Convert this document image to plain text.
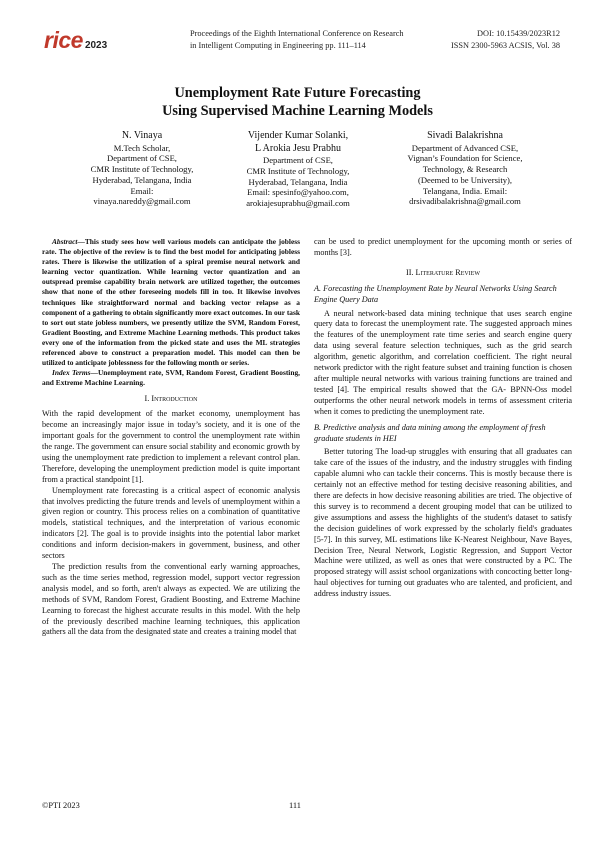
rice 2023
Proceedings of the Eighth International Conference on Research	DOI: 10.15439/2023R12
in Intelligent Computing in Engineering pp. 111–114	ISSN 2300-5963 ACSIS, Vol. 38
Unemployment Rate Future Forecasting
Using Supervised Machine Learning Models
N. Vinaya
M.Tech Scholar,
Department of CSE,
CMR Institute of Technology,
Hyderabad, Telangana, India
Email:
vinaya.nareddy@gmail.com
Vijender Kumar Solanki,
L Arokia Jesu Prabhu
Department of CSE,
CMR Institute of Technology,
Hyderabad, Telangana, India
Email: spesinfo@yahoo.com,
arokiajesuprabhu@gmail.com
Sivadi Balakrishna
Department of Advanced CSE,
Vignan’s Foundation for Science,
Technology, & Research
(Deemed to be University),
Telangana, India. Email:
drsivadibalakrishna@gmail.com

Abstract—This study sees how well various models can anticipate the jobless rate. The objective of the review is to find the best model for anticipating jobless rates. There is likewise the utilization of a spiral premise neural network and learning vector quantization. While learning vector quantization and an outspread premise capability brain network are utilized together, the outcomes show that none of the other foreseeing models fill in too. It likewise involves techniques like straightforward normal and backing vector relapse as a component of a gathering to obtain significantly more exact outcomes. In our task to sort out state jobless numbers, we presently utilize the SVM, Random Forest, Gradient Boosting, and Extreme Machine Learning methods. This product takes every one of the information from the picked state and uses the ML strategies referenced above to construct a preparation model. This model can then be utilized to anticipate joblessness for the following month or series.

Index Terms—Unemployment rate, SVM, Random Forest, Gradient Boosting, and Extreme Machine Learning.

I. Introduction

With the rapid development of the market economy, unemployment has become an increasingly major issue in today’s society, and it is one of the important goals for the government to control the unemployment rate within the range. The government can ensure social stability and economic growth by using the unemployment rate prediction to implement a relevant control plan. Therefore, developing the unemployment prediction model is quite important from a practical standpoint [1].

Unemployment rate forecasting is a critical aspect of economic analysis that involves predicting the future trends and levels of unemployment within a given region or country. This process relies on a combination of quantitative models, statistical techniques, and the interpretation of various economic indicators [2]. The goal is to provide insights into the potential labor market conditions and inform decision-makers in government, business, and other sectors

The prediction results from the conventional early warning approaches, such as the time series method, regression model, support vector regression analysis model, and so forth, aren't always as expected. We are utilizing the methods of SVM, Random Forest, Gradient Boosting, and Extreme Machine Learning to forecast the highest accurate results in this model. With the help of the previously described machine learning techniques, this application gathers all the data from the designated state and creates a training model that

can be used to predict unemployment for the upcoming month or series of months [3].

II. Literature Review
A. Forecasting the Unemployment Rate by Neural Networks Using Search Engine Query Data

A neural network-based data mining technique that uses search engine query data to forecast the unemployment rate. The suggested approach mines the features of the unemployment rate time series and search engine query data using several feature selection techniques, such as the grid search algorithm, genetic algorithm, and correlation coefficient. The right neural network predictor with the right feature subset and training function is chosen after multiple neural networks with various training functions are trained and tested [4]. The empirical results showed that the GA- BPNN-Oss model outperforms the other neural network models in terms of assessment criteria when it comes to predicting the unemployment rate.

B. Predictive analysis and data mining among the employment of fresh graduate students in HEI

Better tutoring The load-up struggles with ensuring that all graduates can take care of the issues of the industry, and the industry struggles with finding capable alumni who can tackle their concerns. This is mostly because there is certainly not an effective method for testing decisive reasoning abilities, and there are defects in how decisive reasoning abilities are tried. The objective of this survey is to recommend a decent grouping model that can be utilized to give assumptions and assess the highlights of the student's dataset to satisfy the decision guidelines of work expressed by the scholarly field's graduates [5-7]. In this survey, ML estimations like K-Nearest Neighbour, Nave Bayes, Decision Tree, Neural Network, Logistic Regression, and Support Vector Machine were utilized, as well as ones that were constructed by a PC. The proposed strategy will assist school organizations with concocting better long-haul objectives for turning out graduates who are talented, and proficient, and address industry issues.

©PTI 2023	111
